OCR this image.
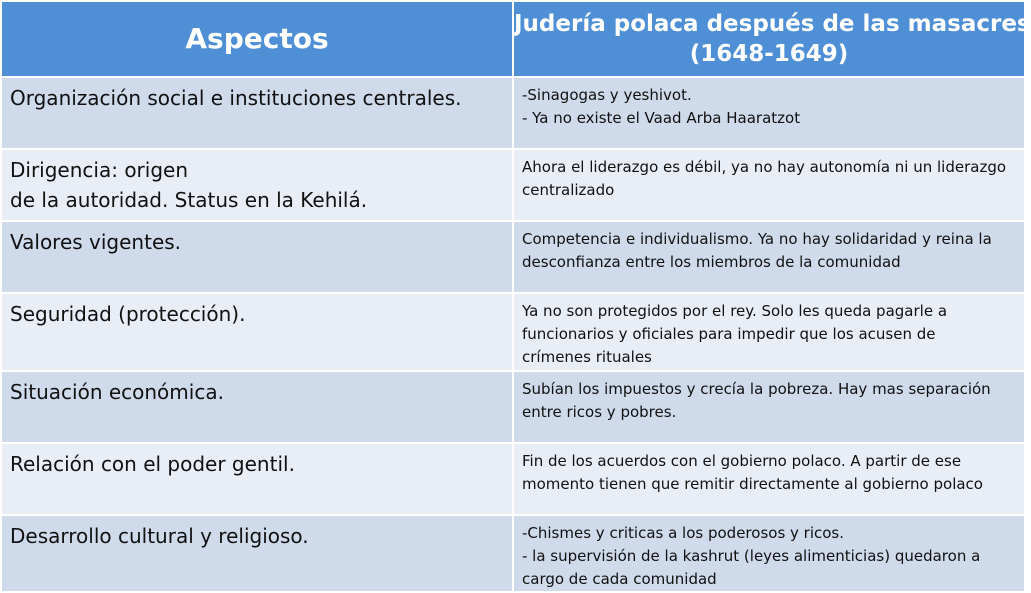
Aspectos	Judería polaca después de las masacres
(1648-1649)

Organización social e instituciones centrales.	-Sinagogas y yeshivot.
- Ya no existe el Vaad Arba Haaratzot

Dirigencia: origen
de la autoridad. Status en la Kehilá.	Ahora el liderazgo es débil, ya no hay autonomía ni un liderazgo
centralizado

Valores vigentes.	Competencia e individualismo. Ya no hay solidaridad y reina la
desconfianza entre los miembros de la comunidad

Seguridad (protección).	Ya no son protegidos por el rey. Solo les queda pagarle a
funcionarios y oficiales para impedir que los acusen de
crímenes rituales

Situación económica.	Subían los impuestos y crecía la pobreza. Hay mas separación
entre ricos y pobres.

Relación con el poder gentil.	Fin de los acuerdos con el gobierno polaco. A partir de ese
momento tienen que remitir directamente al gobierno polaco

Desarrollo cultural y religioso.	-Chismes y criticas a los poderosos y ricos.
- la supervisión de la kashrut (leyes alimenticias) quedaron a
cargo de cada comunidad
